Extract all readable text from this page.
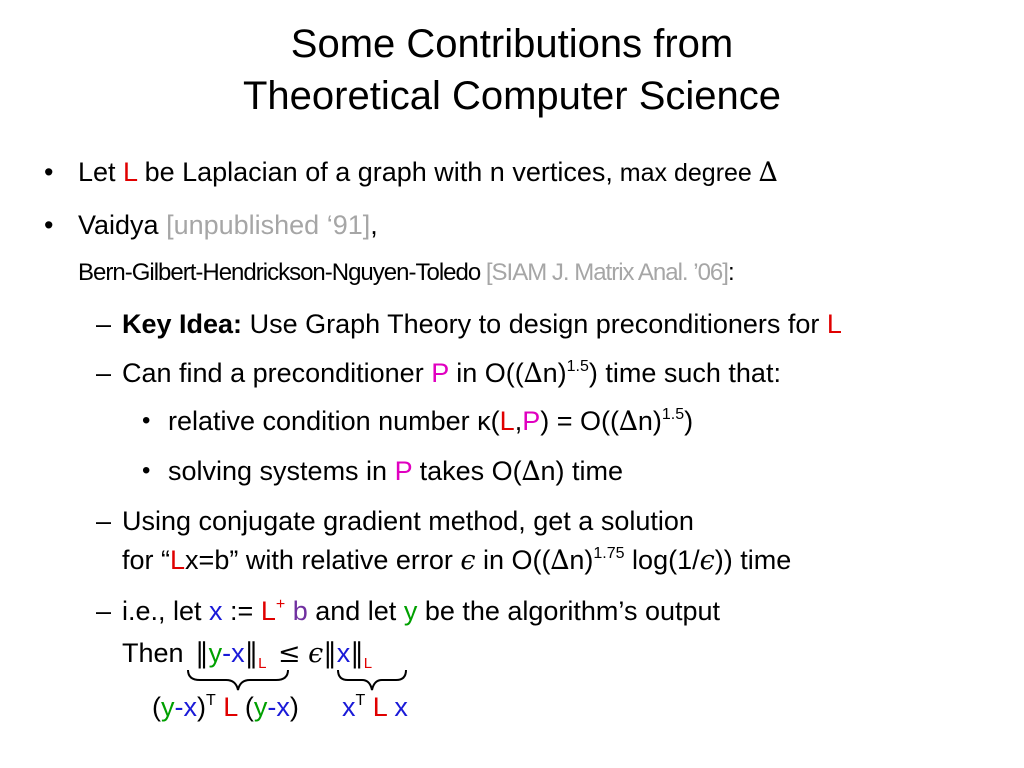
Some Contributions from
Theoretical Computer Science
• Let L be Laplacian of a graph with n vertices, max degree ∆
• Vaidya [unpublished ‘91],
Bern-Gilbert-Hendrickson-Nguyen-Toledo [SIAM J. Matrix Anal. ’06]:
– Key Idea: Use Graph Theory to design preconditioners for L
– Can find a preconditioner P in $O((\Delta n)^{1.5})$ time such that:
• relative condition number $\kappa(L,P) = O((\Delta n)^{1.5})$
• solving systems in P takes O(∆n) time
– Using conjugate gradient method, get a solution
for “Lx=b” with relative error ϵ in $O((\Delta n)^{1.75}$ log(1/ϵ)) time
– i.e., let x := L+ b and let y be the algorithm’s output
Then $‖y-x‖_L$ ≤ $\epsilon‖x‖_L$
$(y-x)^T$ L (y-x) $x^T$ L x
